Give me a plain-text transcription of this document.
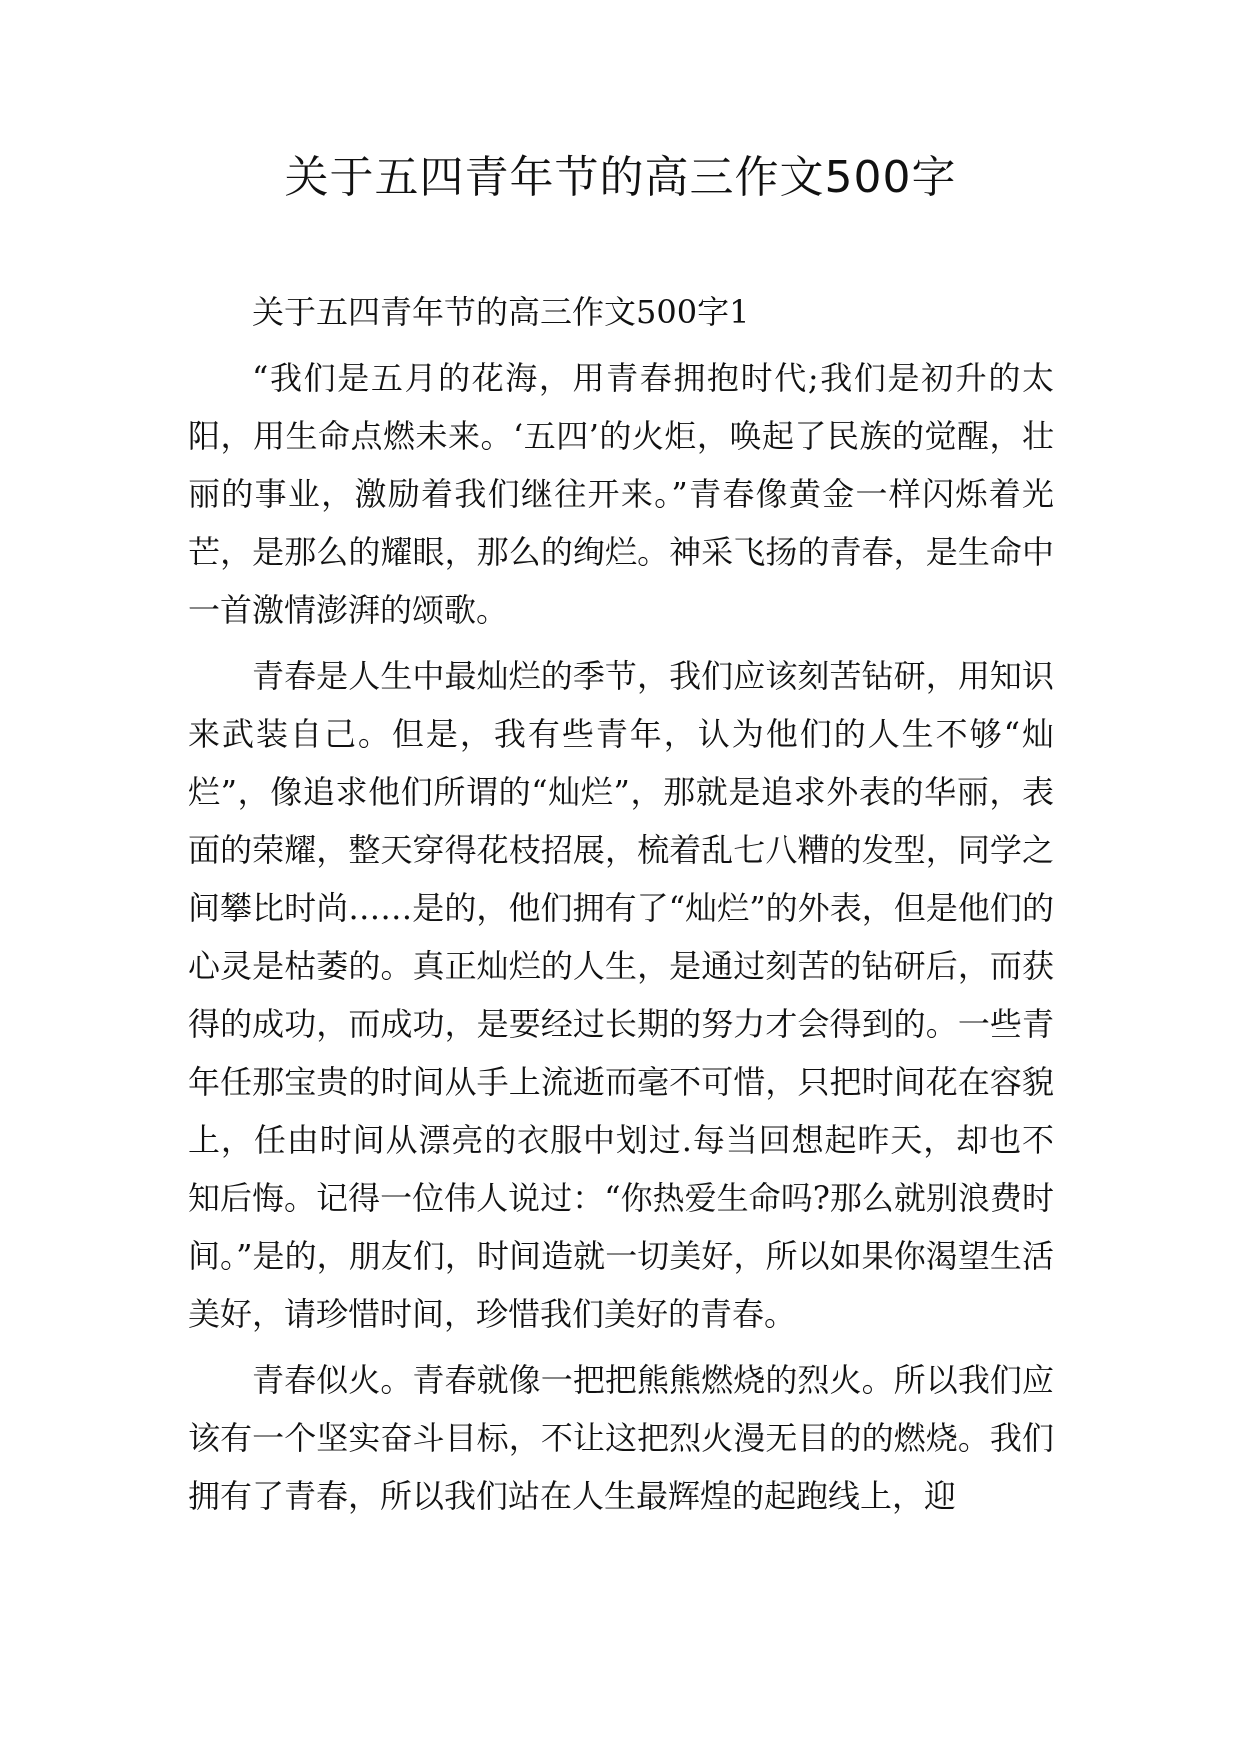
关于五四青年节的高三作文500字

关于五四青年节的高三作文500字1

“我们是五月的花海，用青春拥抱时代;我们是初升的太阳，用生命点燃未来。‘五四’的火炬，唤起了民族的觉醒，壮丽的事业，激励着我们继往开来。”青春像黄金一样闪烁着光芒，是那么的耀眼，那么的绚烂。神采飞扬的青春，是生命中一首激情澎湃的颂歌。

青春是人生中最灿烂的季节，我们应该刻苦钻研，用知识来武装自己。但是，我有些青年，认为他们的人生不够“灿烂”，像追求他们所谓的“灿烂”，那就是追求外表的华丽，表面的荣耀，整天穿得花枝招展，梳着乱七八糟的发型，同学之间攀比时尚……是的，他们拥有了“灿烂”的外表，但是他们的心灵是枯萎的。真正灿烂的人生，是通过刻苦的钻研后，而获得的成功，而成功，是要经过长期的努力才会得到的。一些青年任那宝贵的时间从手上流逝而毫不可惜，只把时间花在容貌上，任由时间从漂亮的衣服中划过.每当回想起昨天，却也不知后悔。记得一位伟人说过：“你热爱生命吗?那么就别浪费时间。”是的，朋友们，时间造就一切美好，所以如果你渴望生活美好，请珍惜时间，珍惜我们美好的青春。

青春似火。青春就像一把把熊熊燃烧的烈火。所以我们应该有一个坚实奋斗目标，不让这把烈火漫无目的的燃烧。我们拥有了青春，所以我们站在人生最辉煌的起跑线上，迎
